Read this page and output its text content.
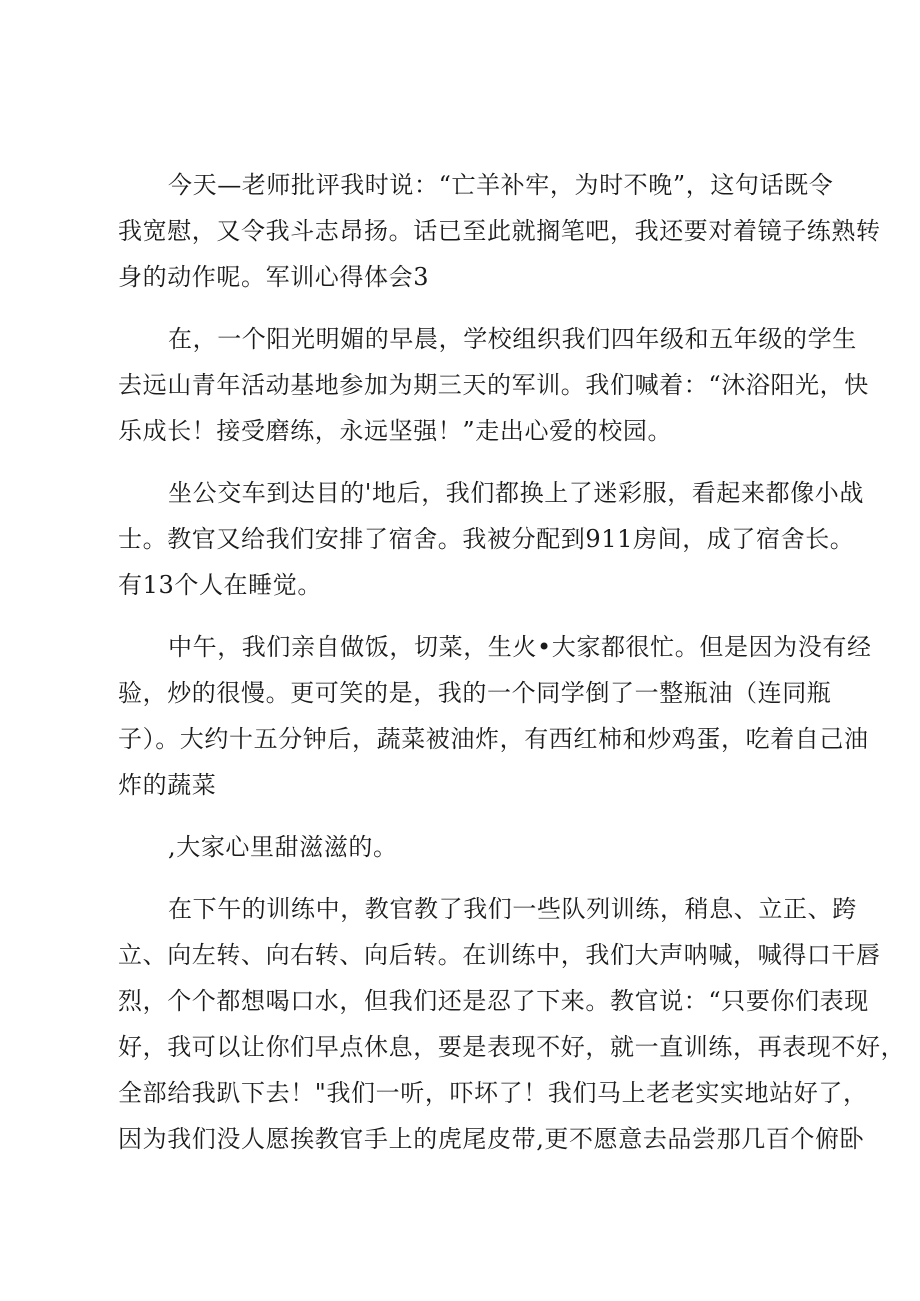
今天—老师批评我时说：“亡羊补牢，为时不晚”，这句话既令
我宽慰，又令我斗志昂扬。话已至此就搁笔吧，我还要对着镜子练熟转
身的动作呢。军训心得体会3

在，一个阳光明媚的早晨，学校组织我们四年级和五年级的学生
去远山青年活动基地参加为期三天的军训。我们喊着：“沐浴阳光，快
乐成长！接受磨练，永远坚强！”走出心爱的校园。

坐公交车到达目的'地后，我们都换上了迷彩服，看起来都像小战
士。教官又给我们安排了宿舍。我被分配到911房间，成了宿舍长。
有13个人在睡觉。

中午，我们亲自做饭，切菜，生火•大家都很忙。但是因为没有经
验，炒的很慢。更可笑的是，我的一个同学倒了一整瓶油（连同瓶
子）。大约十五分钟后，蔬菜被油炸，有西红柿和炒鸡蛋，吃着自己油
炸的蔬菜

,大家心里甜滋滋的。

在下午的训练中，教官教了我们一些队列训练，稍息、立正、跨
立、向左转、向右转、向后转。在训练中，我们大声呐喊，喊得口干唇
烈，个个都想喝口水，但我们还是忍了下来。教官说：“只要你们表现
好，我可以让你们早点休息，要是表现不好，就一直训练，再表现不好，
全部给我趴下去！"我们一听，吓坏了！我们马上老老实实地站好了，
因为我们没人愿挨教官手上的虎尾皮带,更不愿意去品尝那几百个俯卧
